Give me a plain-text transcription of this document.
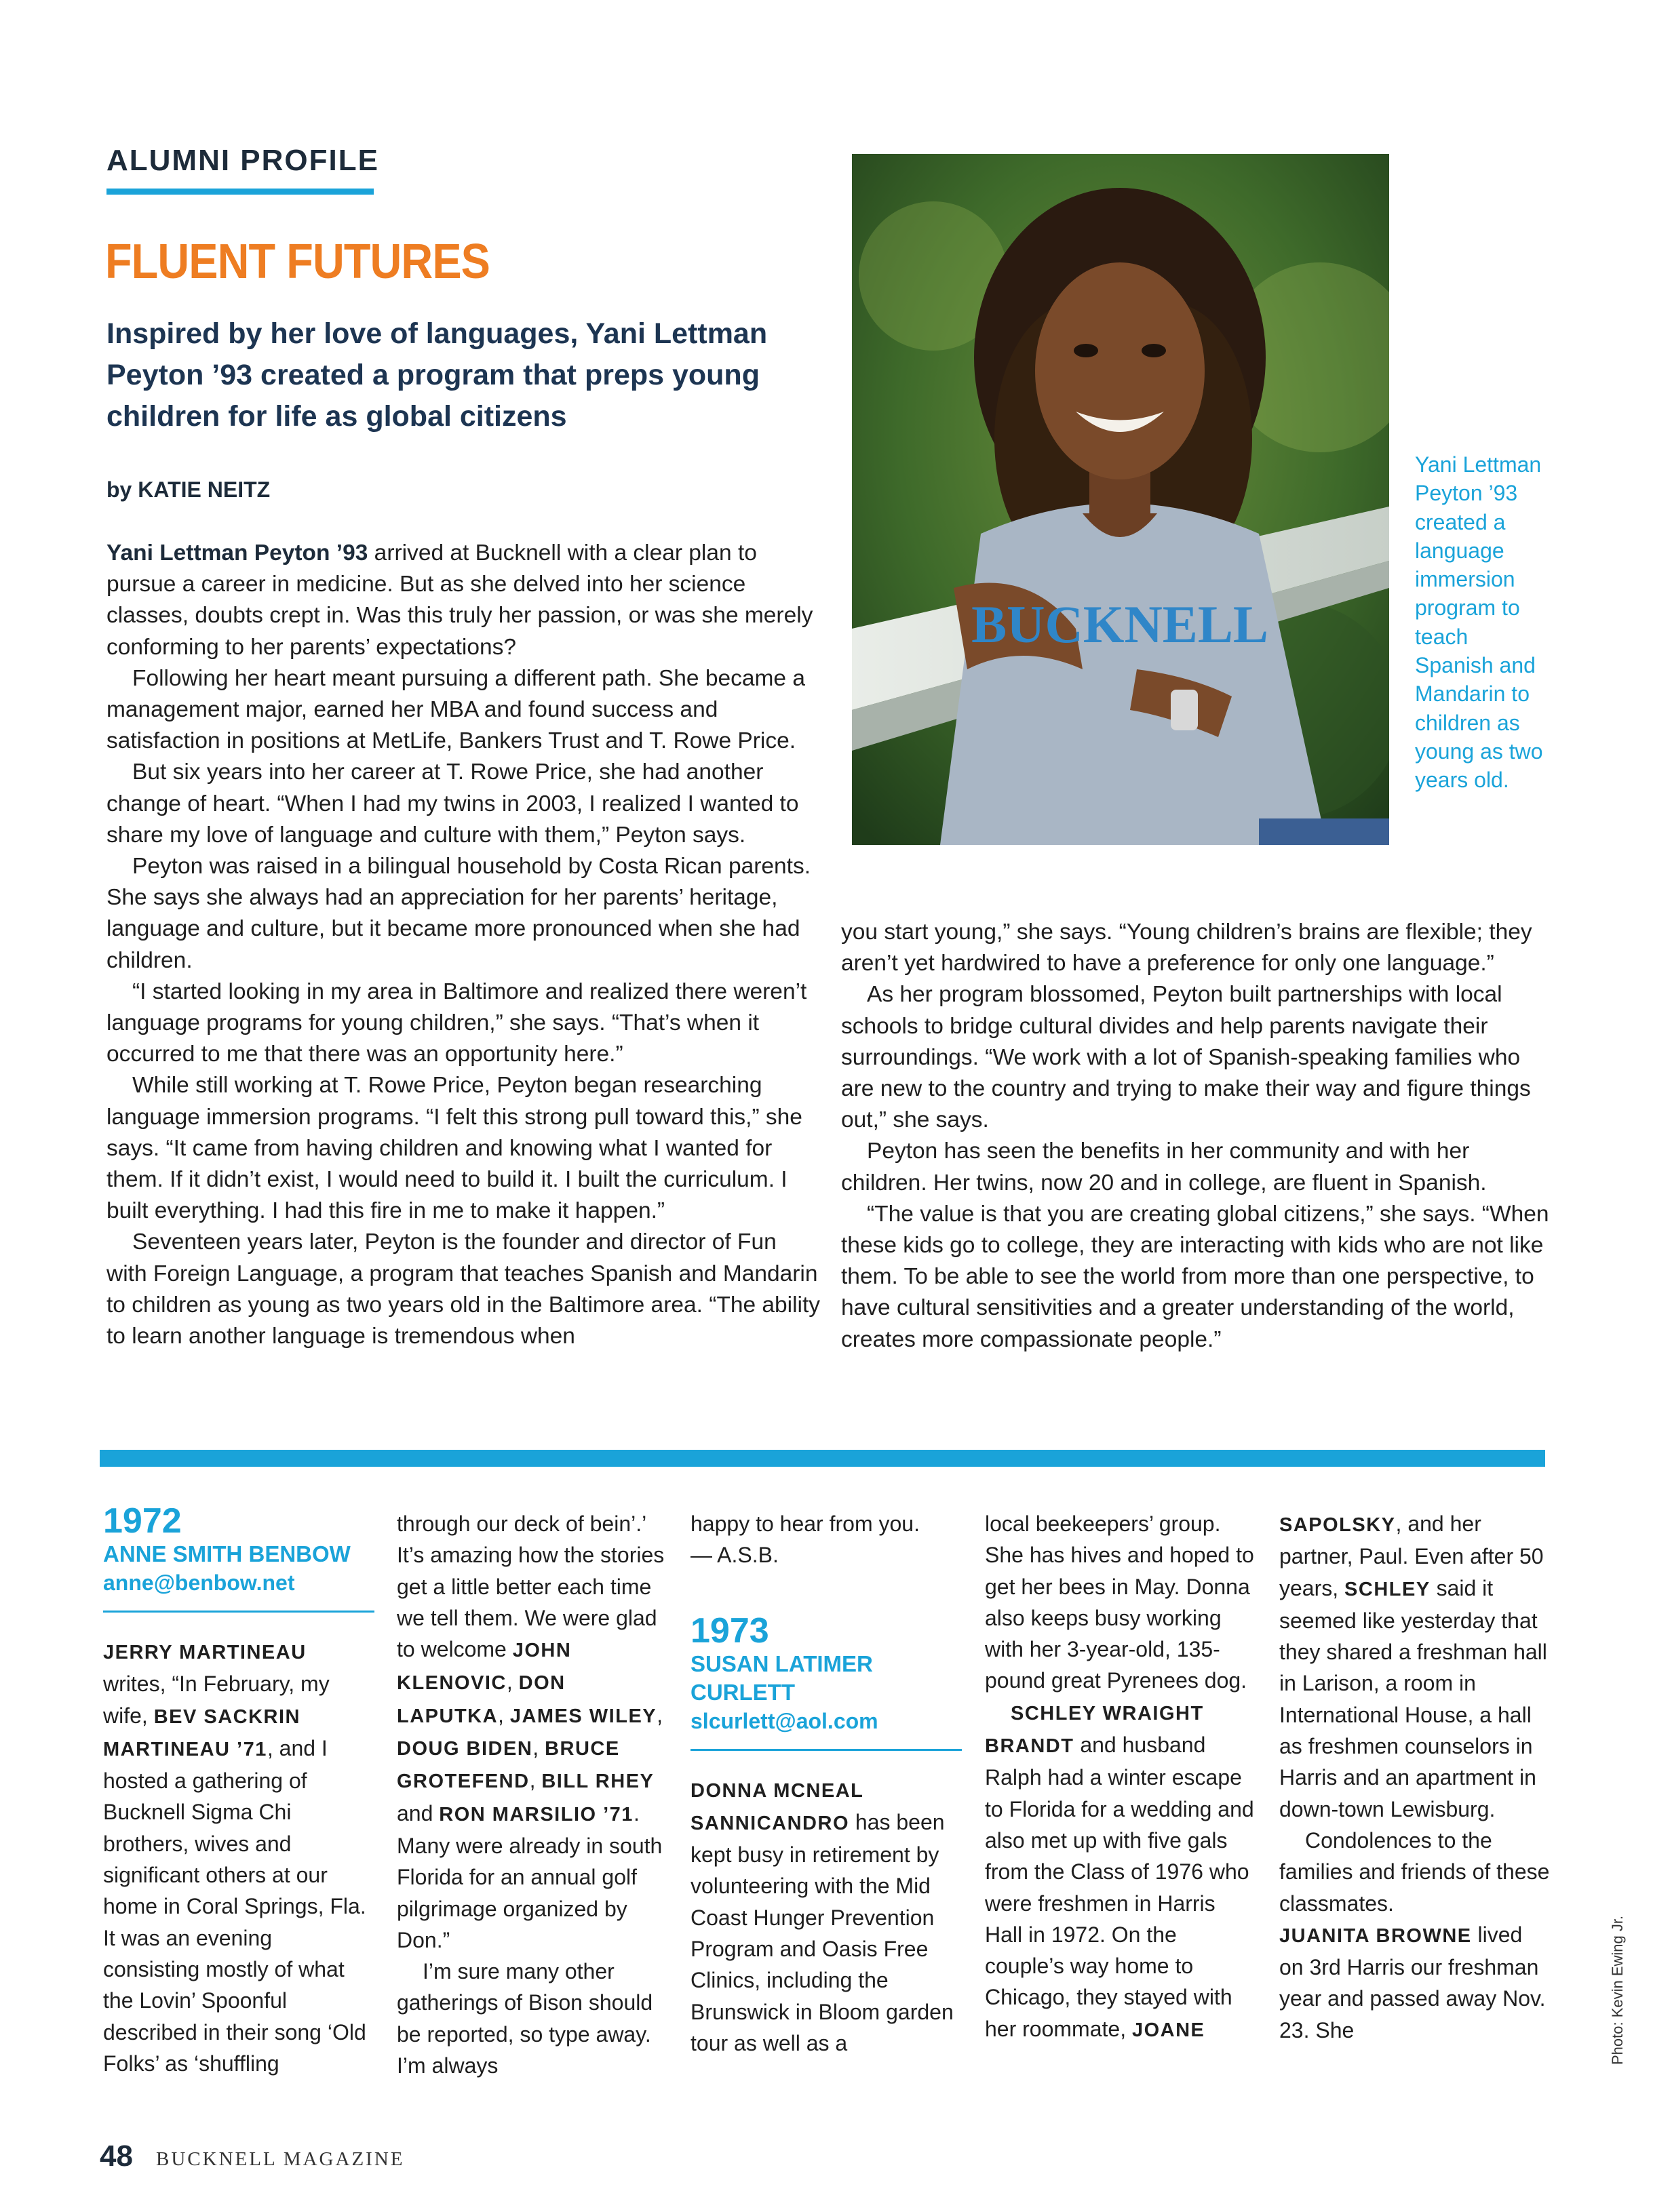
ALUMNI PROFILE
FLUENT FUTURES
Inspired by her love of languages, Yani Lettman Peyton ’93 created a program that preps young children for life as global citizens
by KATIE NEITZ

Yani Lettman Peyton ’93 arrived at Bucknell with a clear plan to pursue a career in medicine. But as she delved into her science classes, doubts crept in. Was this truly her passion, or was she merely conforming to her parents’ expectations?

Following her heart meant pursuing a different path. She became a management major, earned her MBA and found success and satisfaction in positions at MetLife, Bankers Trust and T. Rowe Price.

But six years into her career at T. Rowe Price, she had another change of heart. “When I had my twins in 2003, I realized I wanted to share my love of language and culture with them,” Peyton says.

Peyton was raised in a bilingual household by Costa Rican parents. She says she always had an appreciation for her parents’ heritage, language and culture, but it became more pronounced when she had children.

“I started looking in my area in Baltimore and realized there weren’t language programs for young children,” she says. “That’s when it occurred to me that there was an opportunity here.”

While still working at T. Rowe Price, Peyton began researching language immersion programs. “I felt this strong pull toward this,” she says. “It came from having children and knowing what I wanted for them. If it didn’t exist, I would need to build it. I built the curriculum. I built everything. I had this fire in me to make it happen.”

Seventeen years later, Peyton is the founder and director of Fun with Foreign Language, a program that teaches Spanish and Mandarin to children as young as two years old in the Baltimore area. “The ability to learn another language is tremendous when

BUCKNELL
Yani Lettman Peyton ’93 created a language immersion program to teach Spanish and Mandarin to children as young as two years old.

you start young,” she says. “Young children’s brains are flexible; they aren’t yet hardwired to have a preference for only one language.”

As her program blossomed, Peyton built partnerships with local schools to bridge cultural divides and help parents navigate their surroundings. “We work with a lot of Spanish-speaking families who are new to the country and trying to make their way and figure things out,” she says.

Peyton has seen the benefits in her community and with her children. Her twins, now 20 and in college, are fluent in Spanish.

“The value is that you are creating global citizens,” she says. “When these kids go to college, they are interacting with kids who are not like them. To be able to see the world from more than one perspective, to have cultural sensitivities and a greater understanding of the world, creates more compassionate people.”

1972
ANNE SMITH BENBOW
anne@benbow.net

JERRY MARTINEAU writes, “In February, my wife, BEV SACKRIN MARTINEAU ’71, and I hosted a gathering of Bucknell Sigma Chi brothers, wives and significant others at our home in Coral Springs, Fla. It was an evening consisting mostly of what the Lovin’ Spoonful described in their song ‘Old Folks’ as ‘shuffling

through our deck of bein’.’ It’s amazing how the stories get a little better each time we tell them. We were glad to welcome JOHN KLENOVIC, DON LAPUTKA, JAMES WILEY, DOUG BIDEN, BRUCE GROTEFEND, BILL RHEY and RON MARSILIO ’71. Many were already in south Florida for an annual golf pilgrimage organized by Don.”

I’m sure many other gatherings of Bison should be reported, so type away. I’m always

happy to hear from you.

— A.S.B.

1973
SUSAN LATIMER CURLETT
slcurlett@aol.com

DONNA MCNEAL SANNICANDRO has been kept busy in retirement by volunteering with the Mid Coast Hunger Prevention Program and Oasis Free Clinics, including the Brunswick in Bloom garden tour as well as a

local beekeepers’ group. She has hives and hoped to get her bees in May. Donna also keeps busy working with her 3-year-old, 135-pound great Pyrenees dog.

SCHLEY WRAIGHT BRANDT and husband Ralph had a winter escape to Florida for a wedding and also met up with five gals from the Class of 1976 who were freshmen in Harris Hall in 1972. On the couple’s way home to Chicago, they stayed with her roommate, JOANE

SAPOLSKY, and her partner, Paul. Even after 50 years, SCHLEY said it seemed like yesterday that they shared a freshman hall in Larison, a room in International House, a hall as freshmen counselors in Harris and an apartment in down-town Lewisburg.

Condolences to the families and friends of these classmates.

JUANITA BROWNE lived on 3rd Harris our freshman year and passed away Nov. 23. She	Photo: Kevin Ewing Jr.
48 BUCKNELL MAGAZINE
